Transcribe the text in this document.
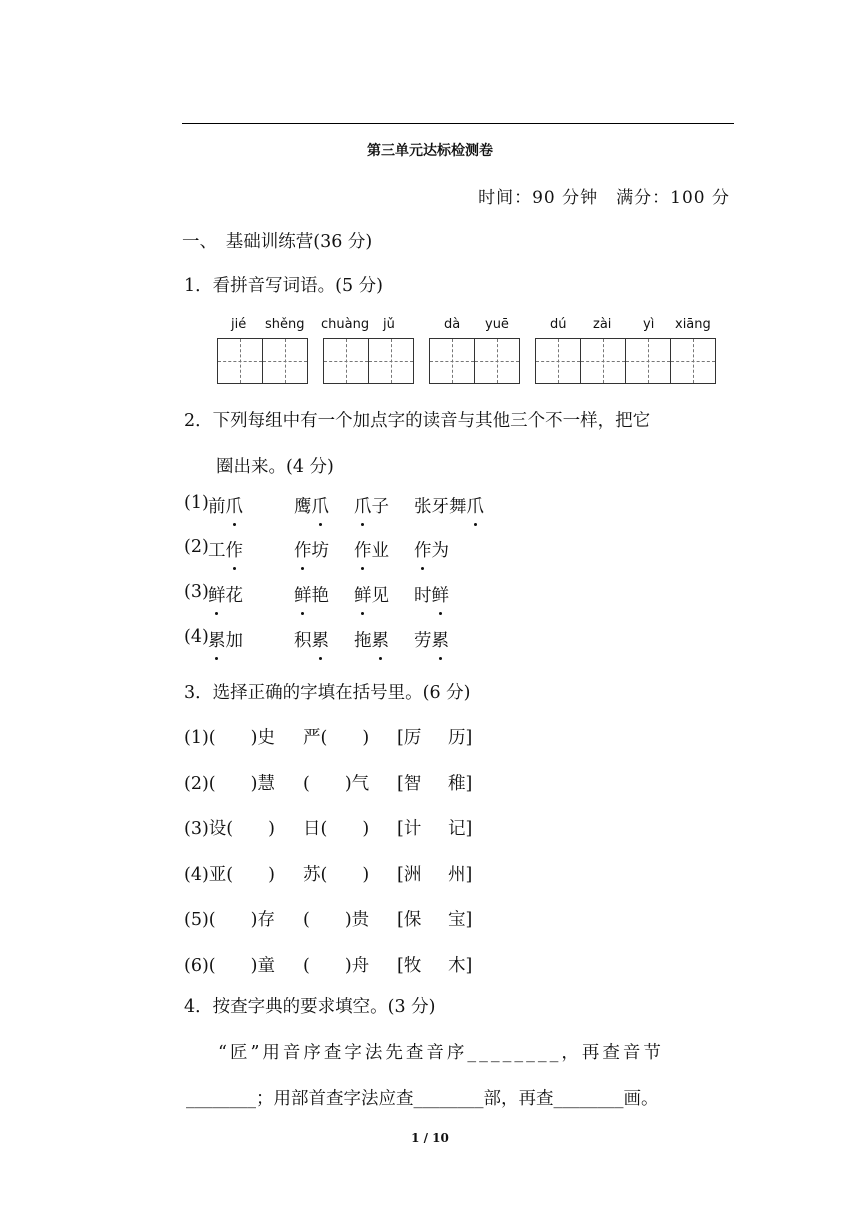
第三单元达标检测卷
时间：90 分钟　满分：100 分
一、　基础训练营(36 分)
1．看拼音写词语。(5 分)
jié shěng chuàng jǔ	dà yuē	dú zài yì xiāng
2．下列每组中有一个加点字的读音与其他三个不一样，把它
圈出来。(4 分)
(1) 前爪	鹰爪 爪子 张牙舞爪
(2) 工作	作坊 作业 作为
(3) 鲜花	鲜艳 鲜见 时鲜
(4) 累加	积累 拖累 劳累
3．选择正确的字填在括号里。(6 分)
(1)(　　)史 严(　　) [厉 历]
(2)(　　)慧 (　　)气 [智 稚]
(3)设(　　) 日(　　) [计 记]
(4)亚(　　) 苏(　　) [洲 州]
(5)(　　)存 (　　)贵 [保 宝]
(6)(　　)童 (　　)舟 [牧 木]
4．按查字典的要求填空。(3 分)
“匠”用音序查字法先查音序________，再查音节
________；用部首查字法应查________部，再查________画。
1 / 10
